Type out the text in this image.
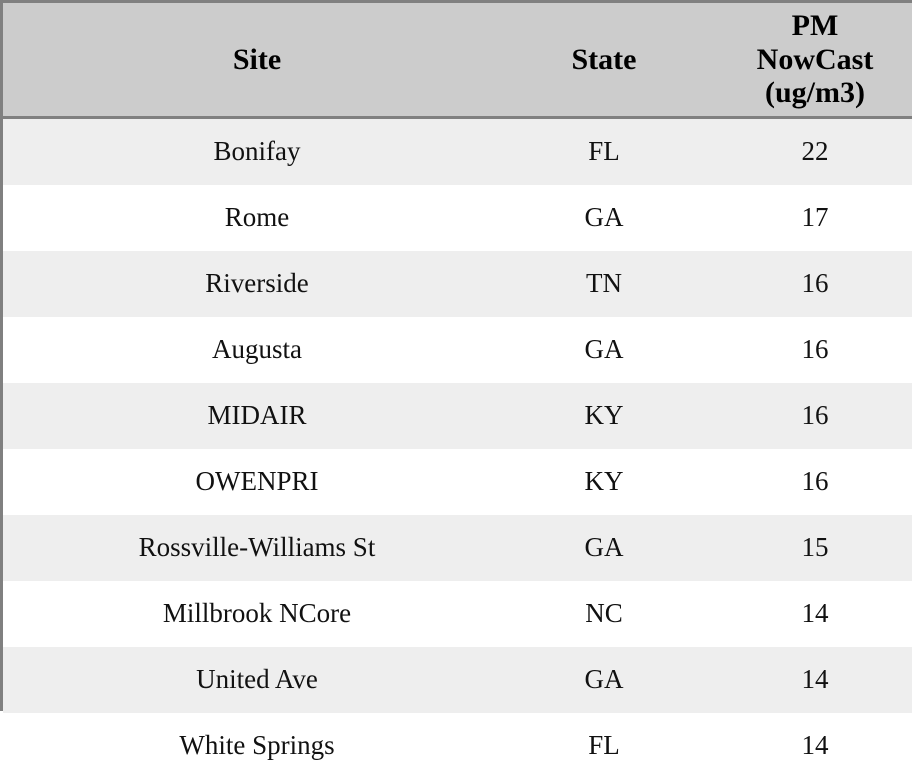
Site	State	PM
NowCast
(ug/m3)

Bonifay	FL	22
Rome	GA	17
Riverside	TN	16
Augusta	GA	16
MIDAIR	KY	16
OWENPRI	KY	16
Rossville-Williams St	GA	15
Millbrook NCore	NC	14
United Ave	GA	14
White Springs	FL	14
